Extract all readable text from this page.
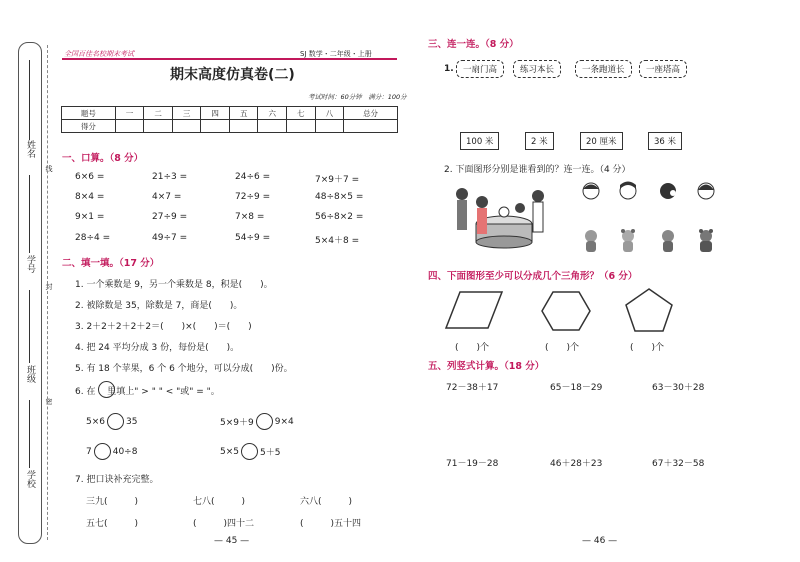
姓名
学号
班级
学校
线
封
密
全国百佳名校期末考试	SJ 数学・二年级・上册
期末高度仿真卷(二)
考试时间：60分钟　满分：100分
题号	一	二	三	四	五	六	七	八	总分
得分									
一、口算。（8 分）
6×6 =	21÷3 =	24÷6 =	7×9＋7 =
8×4 =	4×7 =	72÷9 =	48÷8×5 =
9×1 =	27÷9 =	7×8 =	56÷8×2 =
28÷4 =	49÷7 =	54÷9 =	5×4＋8 =
二、填一填。（17 分）
1. 一个乘数是 9，另一个乘数是 8，积是(　　)。
2. 被除数是 35，除数是 7，商是(　　)。
3. 2＋2＋2＋2＋2＝(　　)×(　　)＝(　　)
4. 把 24 平均分成 3 份，每份是(　　)。
5. 有 18 个苹果，6 个 6 个地分，可以分成(　　)份。
6. 在　 里填上" > " " < "或" = "。
5×6 35	5×9＋9 9×4
7 40÷8	5×5 5＋5
7. 把口诀补充完整。
三九(　　　)	七八(　　　)	六八(　　　)
五七(　　　)	(　　　)四十二	(　　　)五十四
— 45 —
三、连一连。（8 分）
1.	一扇门高	练习本长	一条跑道长	一座塔高
100 米	2 米	20 厘米	36 米
2. 下面图形分别是谁看到的？连一连。（4 分）
四、下面图形至少可以分成几个三角形？（6 分）
(　　)个	(　　)个	(　　)个
五、列竖式计算。（18 分）
72－38＋17	65－18－29	63－30＋28
71－19－28	46＋28＋23	67＋32－58
— 46 —
